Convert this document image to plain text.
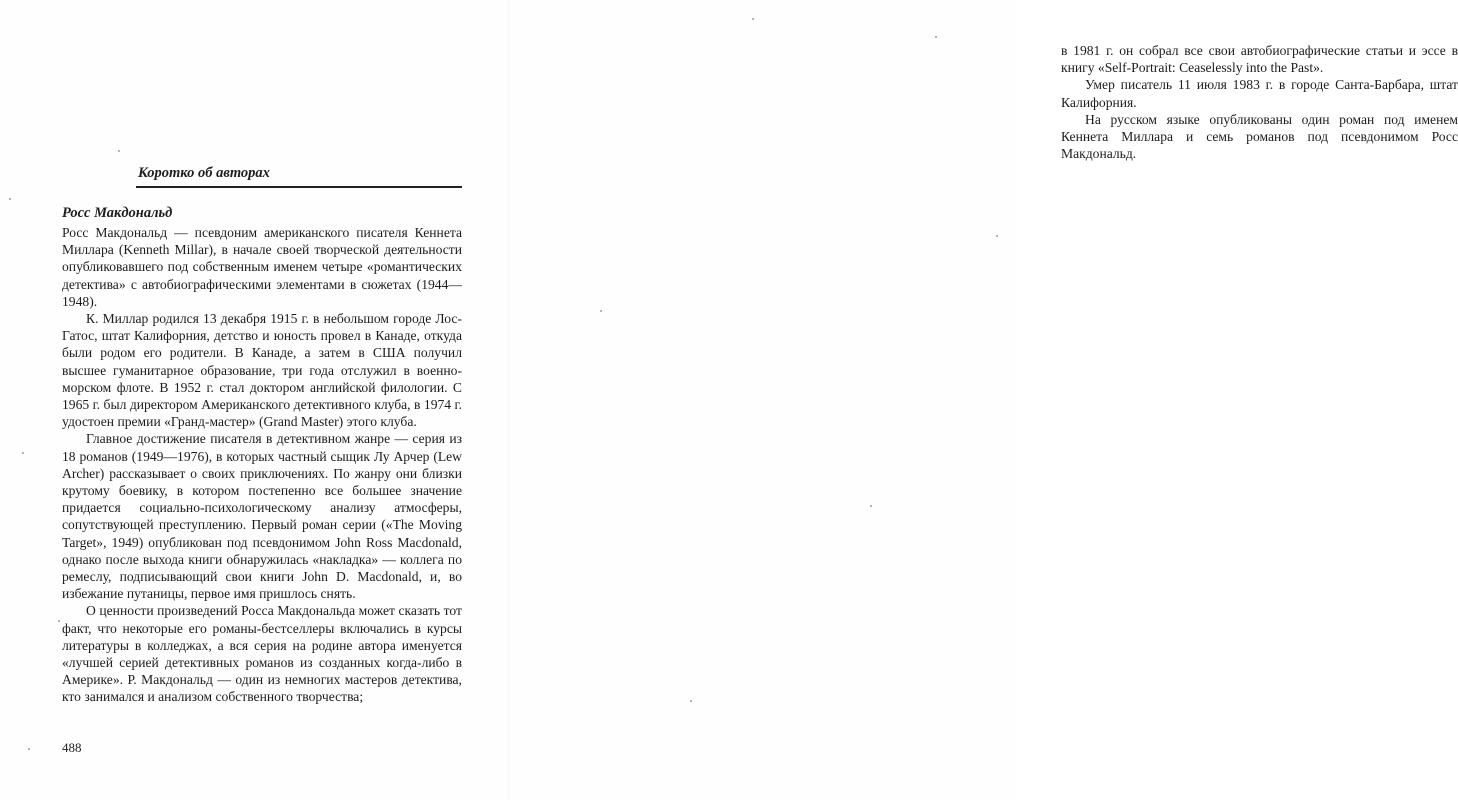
Коротко об авторах
Росс Макдональд

Росс Макдональд — псевдоним американского писателя Кеннета Миллара (Kenneth Millar), в начале своей творческой деятельности опубликовавшего под собственным именем четыре «романтических детектива» с автобиографическими элементами в сюжетах (1944—1948).

К. Миллар родился 13 декабря 1915 г. в небольшом городе Лос-Гатос, штат Калифорния, детство и юность провел в Канаде, откуда были родом его родители. В Канаде, а затем в США получил высшее гуманитарное образование, три года отслужил в военно-морском флоте. В 1952 г. стал доктором английской филологии. С 1965 г. был директором Американского детективного клуба, в 1974 г. удостоен премии «Гранд-мастер» (Grand Master) этого клуба.

Главное достижение писателя в детективном жанре — серия из 18 романов (1949—1976), в которых частный сыщик Лу Арчер (Lew Archer) рассказывает о своих приключениях. По жанру они близки крутому боевику, в котором постепенно все большее значение придается социально-психологическому анализу атмосферы, сопутствующей преступлению. Первый роман серии («The Moving Target», 1949) опубликован под псевдонимом John Ross Macdonald, однако после выхода книги обнаружилась «накладка» — коллега по ремеслу, подписывающий свои книги John D. Macdonald, и, во избежание путаницы, первое имя пришлось снять.

О ценности произведений Росса Макдональда может сказать тот факт, что некоторые его романы-бестселлеры включались в курсы литературы в колледжах, а вся серия на родине автора именуется «лучшей серией детективных романов из созданных когда-либо в Америке». Р. Макдональд — один из немногих мастеров детектива, кто занимался и анализом собственного творчества;

488

в 1981 г. он собрал все свои автобиографические статьи и эссе в книгу «Self-Portrait: Ceaselessly into the Past».

Умер писатель 11 июля 1983 г. в городе Санта-Барбара, штат Калифорния.

На русском языке опубликованы один роман под именем Кеннета Миллара и семь романов под псевдонимом Росс Макдональд.
